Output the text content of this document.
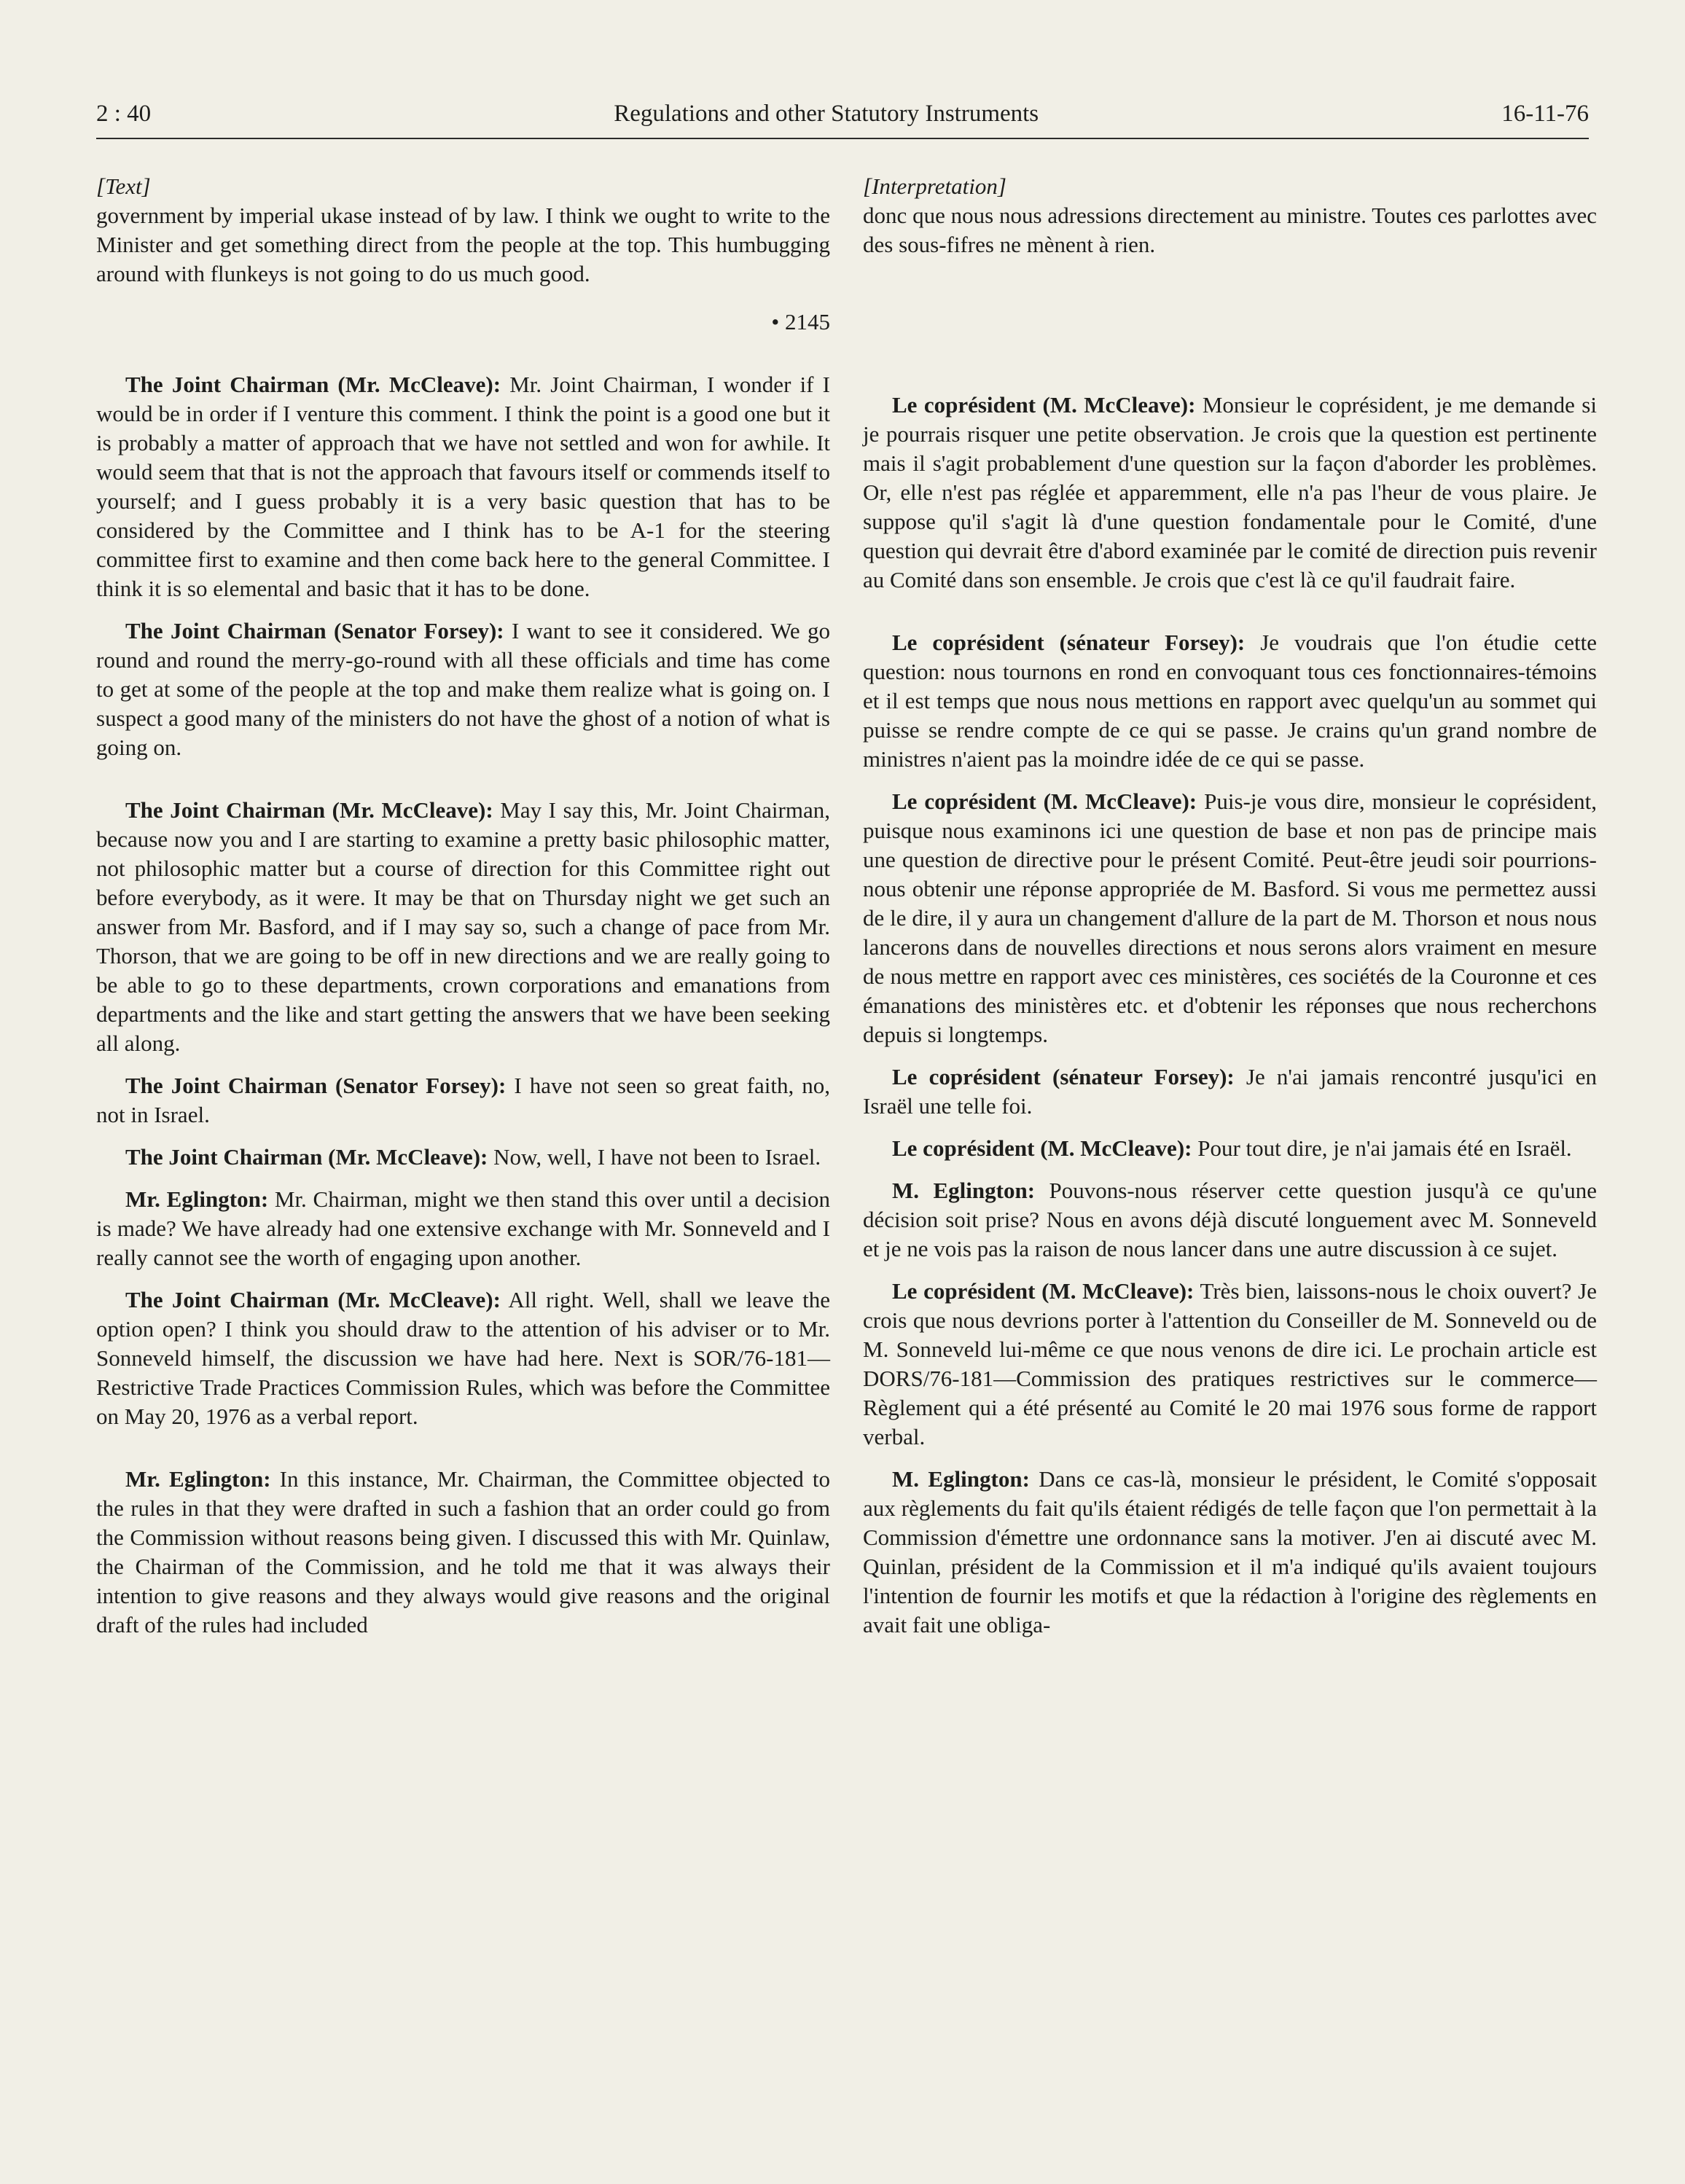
2 : 40	Regulations and other Statutory Instruments	16-11-76

[Text]

government by imperial ukase instead of by law. I think we ought to write to the Minister and get something direct from the people at the top. This humbugging around with flunkeys is not going to do us much good.

• 2145

The Joint Chairman (Mr. McCleave): Mr. Joint Chairman, I wonder if I would be in order if I venture this comment. I think the point is a good one but it is probably a matter of approach that we have not settled and won for awhile. It would seem that that is not the approach that favours itself or commends itself to yourself; and I guess probably it is a very basic question that has to be considered by the Committee and I think has to be A-1 for the steering committee first to examine and then come back here to the general Committee. I think it is so elemental and basic that it has to be done.

The Joint Chairman (Senator Forsey): I want to see it considered. We go round and round the merry-go-round with all these officials and time has come to get at some of the people at the top and make them realize what is going on. I suspect a good many of the ministers do not have the ghost of a notion of what is going on.

The Joint Chairman (Mr. McCleave): May I say this, Mr. Joint Chairman, because now you and I are starting to examine a pretty basic philosophic matter, not philosophic matter but a course of direction for this Committee right out before everybody, as it were. It may be that on Thursday night we get such an answer from Mr. Basford, and if I may say so, such a change of pace from Mr. Thorson, that we are going to be off in new directions and we are really going to be able to go to these departments, crown corporations and emanations from departments and the like and start getting the answers that we have been seeking all along.

The Joint Chairman (Senator Forsey): I have not seen so great faith, no, not in Israel.

The Joint Chairman (Mr. McCleave): Now, well, I have not been to Israel.

Mr. Eglington: Mr. Chairman, might we then stand this over until a decision is made? We have already had one extensive exchange with Mr. Sonneveld and I really cannot see the worth of engaging upon another.

The Joint Chairman (Mr. McCleave): All right. Well, shall we leave the option open? I think you should draw to the attention of his adviser or to Mr. Sonneveld himself, the discussion we have had here. Next is SOR/76-181—Restrictive Trade Practices Commission Rules, which was before the Committee on May 20, 1976 as a verbal report.

Mr. Eglington: In this instance, Mr. Chairman, the Committee objected to the rules in that they were drafted in such a fashion that an order could go from the Commission without reasons being given. I discussed this with Mr. Quinlaw, the Chairman of the Commission, and he told me that it was always their intention to give reasons and they always would give reasons and the original draft of the rules had included

[Interpretation]

donc que nous nous adressions directement au ministre. Toutes ces parlottes avec des sous-fifres ne mènent à rien.

Le coprésident (M. McCleave): Monsieur le coprésident, je me demande si je pourrais risquer une petite observation. Je crois que la question est pertinente mais il s'agit probablement d'une question sur la façon d'aborder les problèmes. Or, elle n'est pas réglée et apparemment, elle n'a pas l'heur de vous plaire. Je suppose qu'il s'agit là d'une question fondamentale pour le Comité, d'une question qui devrait être d'abord examinée par le comité de direction puis revenir au Comité dans son ensemble. Je crois que c'est là ce qu'il faudrait faire.

Le coprésident (sénateur Forsey): Je voudrais que l'on étudie cette question: nous tournons en rond en convoquant tous ces fonctionnaires-témoins et il est temps que nous nous mettions en rapport avec quelqu'un au sommet qui puisse se rendre compte de ce qui se passe. Je crains qu'un grand nombre de ministres n'aient pas la moindre idée de ce qui se passe.

Le coprésident (M. McCleave): Puis-je vous dire, monsieur le coprésident, puisque nous examinons ici une question de base et non pas de principe mais une question de directive pour le présent Comité. Peut-être jeudi soir pourrions-nous obtenir une réponse appropriée de M. Basford. Si vous me permettez aussi de le dire, il y aura un changement d'allure de la part de M. Thorson et nous nous lancerons dans de nouvelles directions et nous serons alors vraiment en mesure de nous mettre en rapport avec ces ministères, ces sociétés de la Couronne et ces émanations des ministères etc. et d'obtenir les réponses que nous recherchons depuis si longtemps.

Le coprésident (sénateur Forsey): Je n'ai jamais rencontré jusqu'ici en Israël une telle foi.

Le coprésident (M. McCleave): Pour tout dire, je n'ai jamais été en Israël.

M. Eglington: Pouvons-nous réserver cette question jusqu'à ce qu'une décision soit prise? Nous en avons déjà discuté longuement avec M. Sonneveld et je ne vois pas la raison de nous lancer dans une autre discussion à ce sujet.

Le coprésident (M. McCleave): Très bien, laissons-nous le choix ouvert? Je crois que nous devrions porter à l'attention du Conseiller de M. Sonneveld ou de M. Sonneveld lui-même ce que nous venons de dire ici. Le prochain article est DORS/76-181—Commission des pratiques restrictives sur le commerce—Règlement qui a été présenté au Comité le 20 mai 1976 sous forme de rapport verbal.

M. Eglington: Dans ce cas-là, monsieur le président, le Comité s'opposait aux règlements du fait qu'ils étaient rédigés de telle façon que l'on permettait à la Commission d'émettre une ordonnance sans la motiver. J'en ai discuté avec M. Quinlan, président de la Commission et il m'a indiqué qu'ils avaient toujours l'intention de fournir les motifs et que la rédaction à l'origine des règlements en avait fait une obliga-
